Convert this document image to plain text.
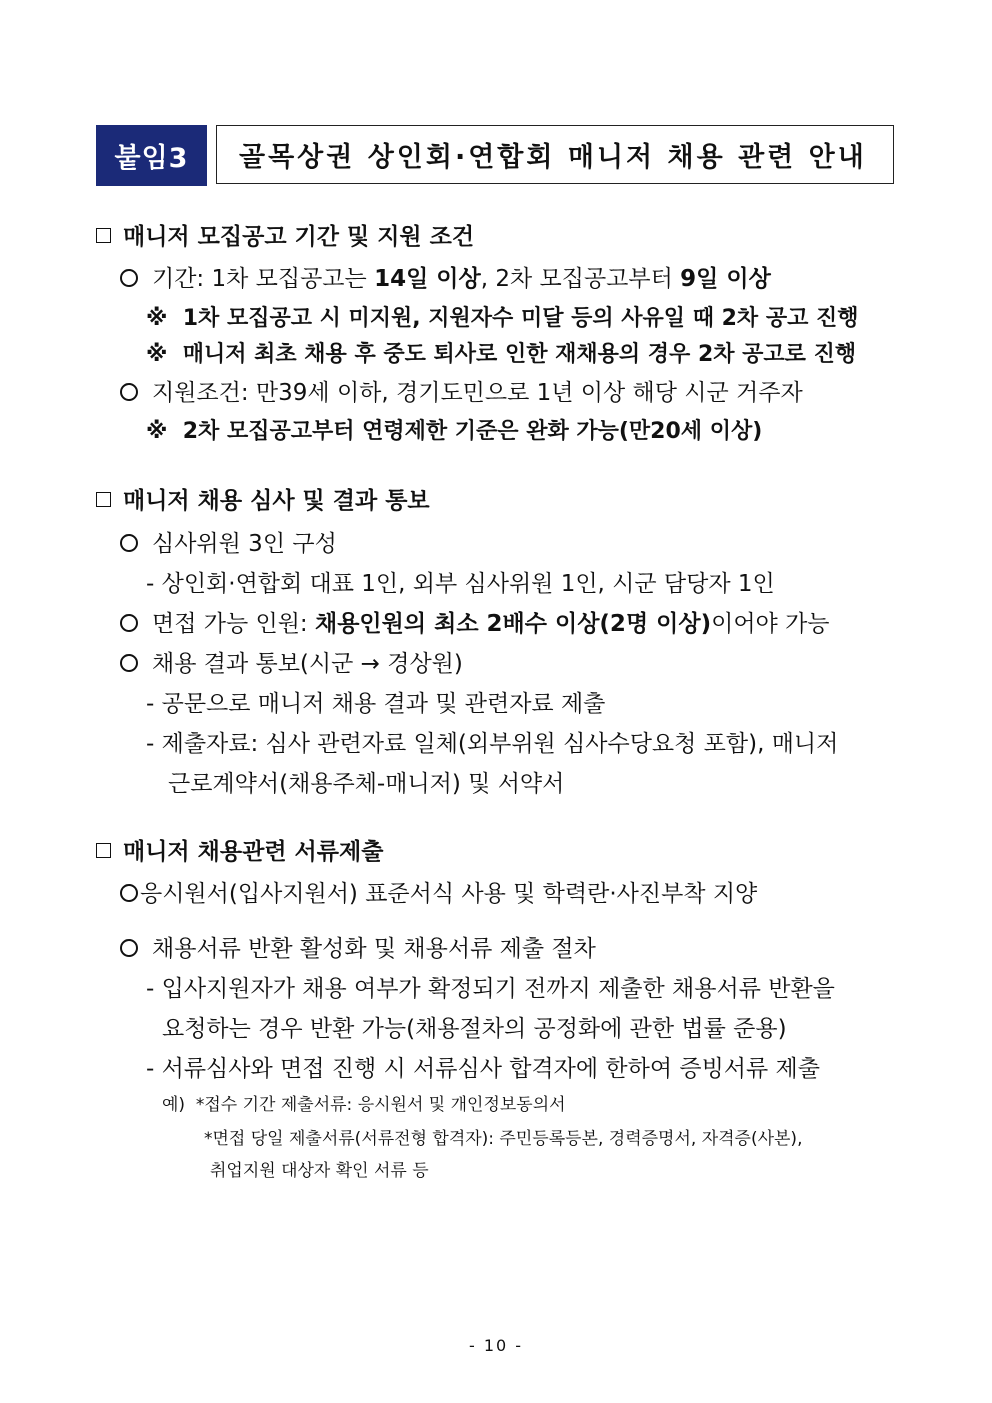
붙임3	골목상권 상인회·연합회 매니저 채용 관련 안내
매니저 모집공고 기간 및 지원 조건
기간: 1차 모집공고는 14일 이상, 2차 모집공고부터 9일 이상
※ 1차 모집공고 시 미지원, 지원자수 미달 등의 사유일 때 2차 공고 진행
※ 매니저 최초 채용 후 중도 퇴사로 인한 재채용의 경우 2차 공고로 진행
지원조건: 만39세 이하, 경기도민으로 1년 이상 해당 시군 거주자
※ 2차 모집공고부터 연령제한 기준은 완화 가능(만20세 이상)
매니저 채용 심사 및 결과 통보
심사위원 3인 구성
- 상인회·연합회 대표 1인, 외부 심사위원 1인, 시군 담당자 1인
면접 가능 인원: 채용인원의 최소 2배수 이상(2명 이상)이어야 가능
채용 결과 통보(시군 → 경상원)
- 공문으로 매니저 채용 결과 및 관련자료 제출
- 제출자료: 심사 관련자료 일체(외부위원 심사수당요청 포함), 매니저
근로계약서(채용주체-매니저) 및 서약서
매니저 채용관련 서류제출
응시원서(입사지원서) 표준서식 사용 및 학력란·사진부착 지양
채용서류 반환 활성화 및 채용서류 제출 절차
- 입사지원자가 채용 여부가 확정되기 전까지 제출한 채용서류 반환을
요청하는 경우 반환 가능(채용절차의 공정화에 관한 법률 준용)
- 서류심사와 면접 진행 시 서류심사 합격자에 한하여 증빙서류 제출
예) *접수 기간 제출서류: 응시원서 및 개인정보동의서
*면접 당일 제출서류(서류전형 합격자): 주민등록등본, 경력증명서, 자격증(사본),
취업지원 대상자 확인 서류 등
- 10 -
